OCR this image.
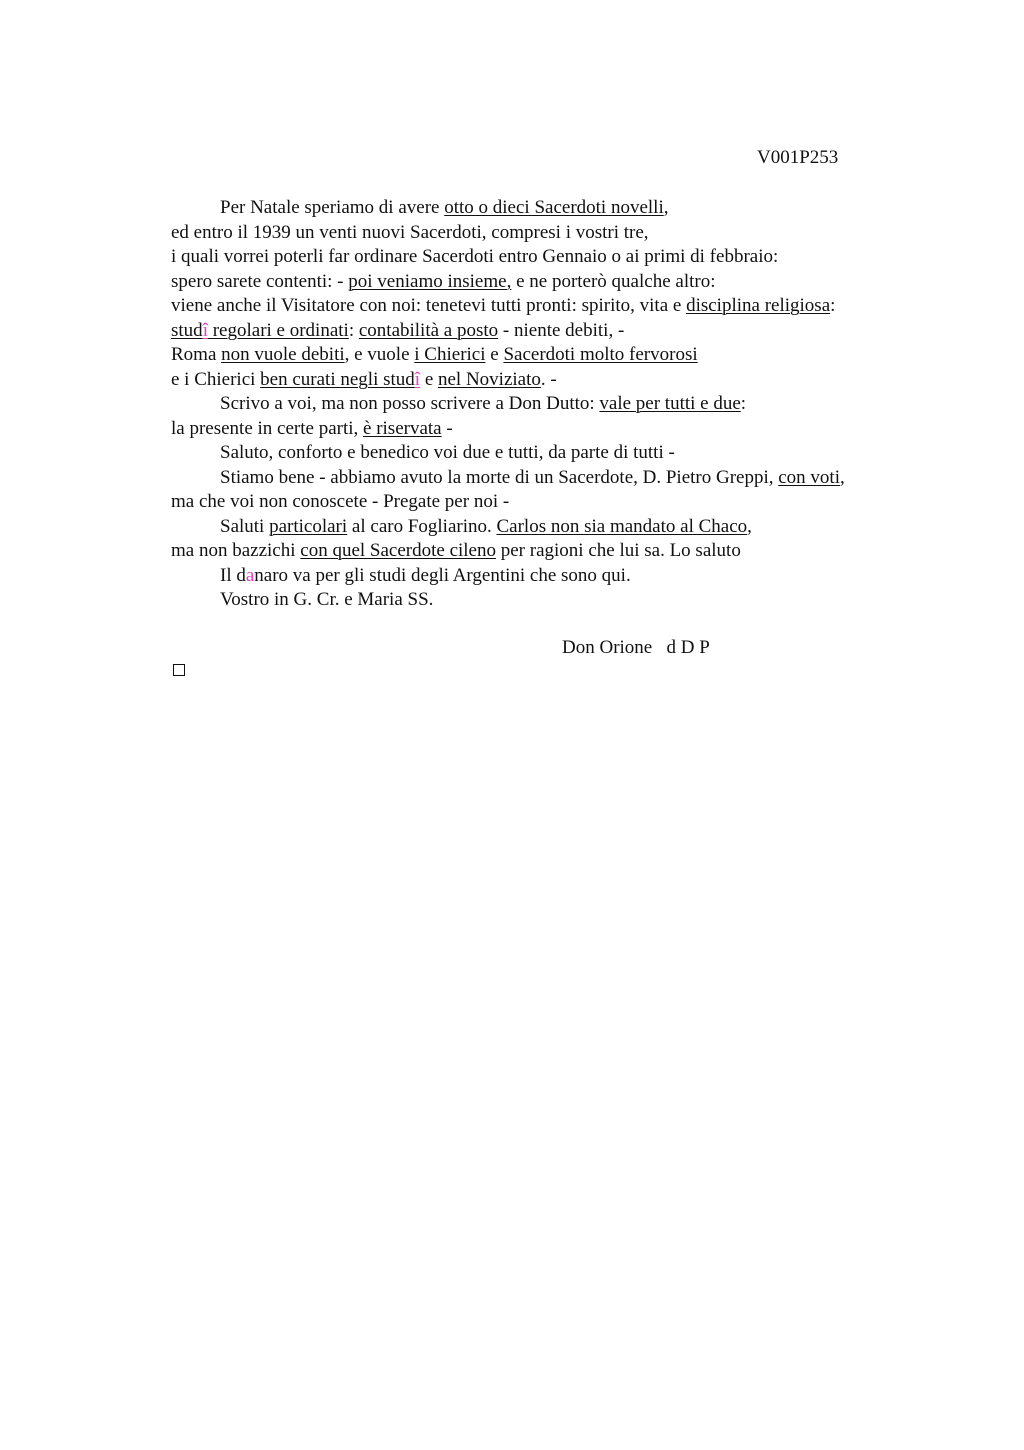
V001P253
Per Natale speriamo di avere otto o dieci Sacerdoti novelli,
ed entro il 1939 un venti nuovi Sacerdoti, compresi i vostri tre,
i quali vorrei poterli far ordinare Sacerdoti entro Gennaio o ai primi di febbraio:
spero sarete contenti: - poi veniamo insieme, e ne porterò qualche altro:
viene anche il Visitatore con noi: tenetevi tutti pronti: spirito, vita e disciplina religiosa:
studî regolari e ordinati: contabilità a posto - niente debiti, -
Roma non vuole debiti, e vuole i Chierici e Sacerdoti molto fervorosi
e i Chierici ben curati negli studî e nel Noviziato. -
Scrivo a voi, ma non posso scrivere a Don Dutto: vale per tutti e due:
la presente in certe parti, è riservata -
Saluto, conforto e benedico voi due e tutti, da parte di tutti -
Stiamo bene - abbiamo avuto la morte di un Sacerdote, D. Pietro Greppi, con voti,
ma che voi non conoscete - Pregate per noi -
Saluti particolari al caro Fogliarino. Carlos non sia mandato al Chaco,
ma non bazzichi con quel Sacerdote cileno per ragioni che lui sa. Lo saluto
Il danaro va per gli studi degli Argentini che sono qui.
Vostro in G. Cr. e Maria SS.
Don Orione   d D P
